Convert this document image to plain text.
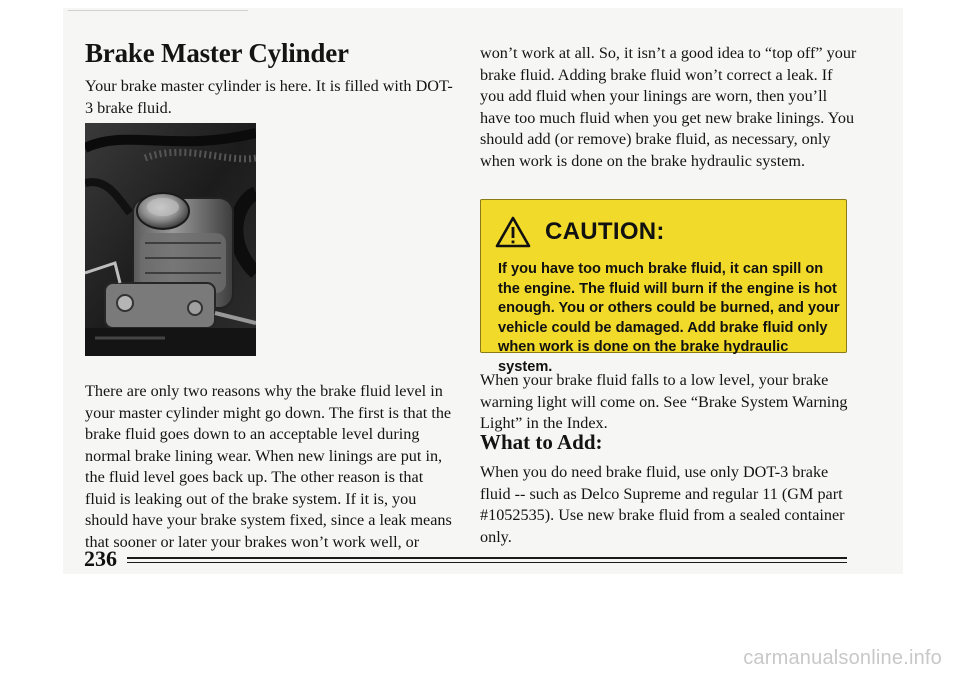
Brake Master Cylinder

Your brake master cylinder is here. It is filled with DOT-3 brake fluid.

There are only two reasons why the brake fluid level in your master cylinder might go down. The first is that the brake fluid goes down to an acceptable level during normal brake lining wear. When new linings are put in, the fluid level goes back up. The other reason is that fluid is leaking out of the brake system. If it is, you should have your brake system fixed, since a leak means that sooner or later your brakes won’t work well, or

won’t work at all. So, it isn’t a good idea to “top off” your brake fluid. Adding brake fluid won’t correct a leak. If you add fluid when your linings are worn, then you’ll have too much fluid when you get new brake linings. You should add (or remove) brake fluid, as necessary, only when work is done on the brake hydraulic system.

CAUTION:

If you have too much brake fluid, it can spill on the engine. The fluid will burn if the engine is hot enough. You or others could be burned, and your vehicle could be damaged. Add brake fluid only when work is done on the brake hydraulic system.

When your brake fluid falls to a low level, your brake warning light will come on. See “Brake System Warning Light” in the Index.

What to Add:

When you do need brake fluid, use only DOT-3 brake fluid -- such as Delco Supreme and regular 11 (GM part #1052535). Use new brake fluid from a sealed container only.

236
carmanualsonline.info
